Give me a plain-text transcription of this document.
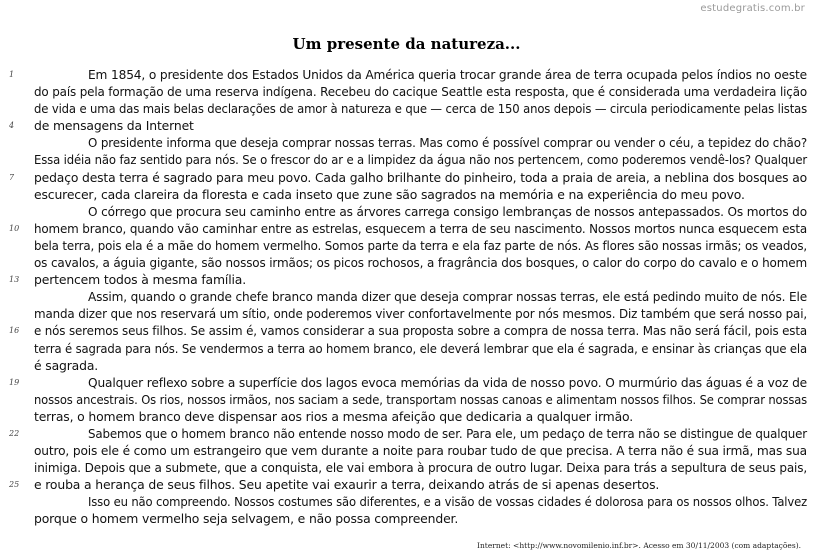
estudegratis.com.br
Um presente da natureza...
1
4
7
10
13
16
19
22
25
Em 1854, o presidente dos Estados Unidos da América queria trocar grande área de terra ocupada pelos índios no oeste
do país pela formação de uma reserva indígena. Recebeu do cacique Seattle esta resposta, que é considerada uma verdadeira lição
de vida e uma das mais belas declarações de amor à natureza e que — cerca de 150 anos depois — circula periodicamente pelas listas
de mensagens da Internet
O presidente informa que deseja comprar nossas terras. Mas como é possível comprar ou vender o céu, a tepidez do chão?
Essa idéia não faz sentido para nós. Se o frescor do ar e a limpidez da água não nos pertencem, como poderemos vendê-los? Qualquer
pedaço desta terra é sagrado para meu povo. Cada galho brilhante do pinheiro, toda a praia de areia, a neblina dos bosques ao
escurecer, cada clareira da floresta e cada inseto que zune são sagrados na memória e na experiência do meu povo.
O córrego que procura seu caminho entre as árvores carrega consigo lembranças de nossos antepassados. Os mortos do
homem branco, quando vão caminhar entre as estrelas, esquecem a terra de seu nascimento. Nossos mortos nunca esquecem esta
bela terra, pois ela é a mãe do homem vermelho. Somos parte da terra e ela faz parte de nós. As flores são nossas irmãs; os veados,
os cavalos, a águia gigante, são nossos irmãos; os picos rochosos, a fragrância dos bosques, o calor do corpo do cavalo e o homem
pertencem todos à mesma família.
Assim, quando o grande chefe branco manda dizer que deseja comprar nossas terras, ele está pedindo muito de nós. Ele
manda dizer que nos reservará um sítio, onde poderemos viver confortavelmente por nós mesmos. Diz também que será nosso pai,
e nós seremos seus filhos. Se assim é, vamos considerar a sua proposta sobre a compra de nossa terra. Mas não será fácil, pois esta
terra é sagrada para nós. Se vendermos a terra ao homem branco, ele deverá lembrar que ela é sagrada, e ensinar às crianças que ela
é sagrada.
Qualquer reflexo sobre a superfície dos lagos evoca memórias da vida de nosso povo. O murmúrio das águas é a voz de
nossos ancestrais. Os rios, nossos irmãos, nos saciam a sede, transportam nossas canoas e alimentam nossos filhos. Se comprar nossas
terras, o homem branco deve dispensar aos rios a mesma afeição que dedicaria a qualquer irmão.
Sabemos que o homem branco não entende nosso modo de ser. Para ele, um pedaço de terra não se distingue de qualquer
outro, pois ele é como um estrangeiro que vem durante a noite para roubar tudo de que precisa. A terra não é sua irmã, mas sua
inimiga. Depois que a submete, que a conquista, ele vai embora à procura de outro lugar. Deixa para trás a sepultura de seus pais,
e rouba a herança de seus filhos. Seu apetite vai exaurir a terra, deixando atrás de si apenas desertos.
Isso eu não compreendo. Nossos costumes são diferentes, e a visão de vossas cidades é dolorosa para os nossos olhos. Talvez
porque o homem vermelho seja selvagem, e não possa compreender.
Internet: <http://www.novomilenio.inf.br>. Acesso em 30/11/2003 (com adaptações).
